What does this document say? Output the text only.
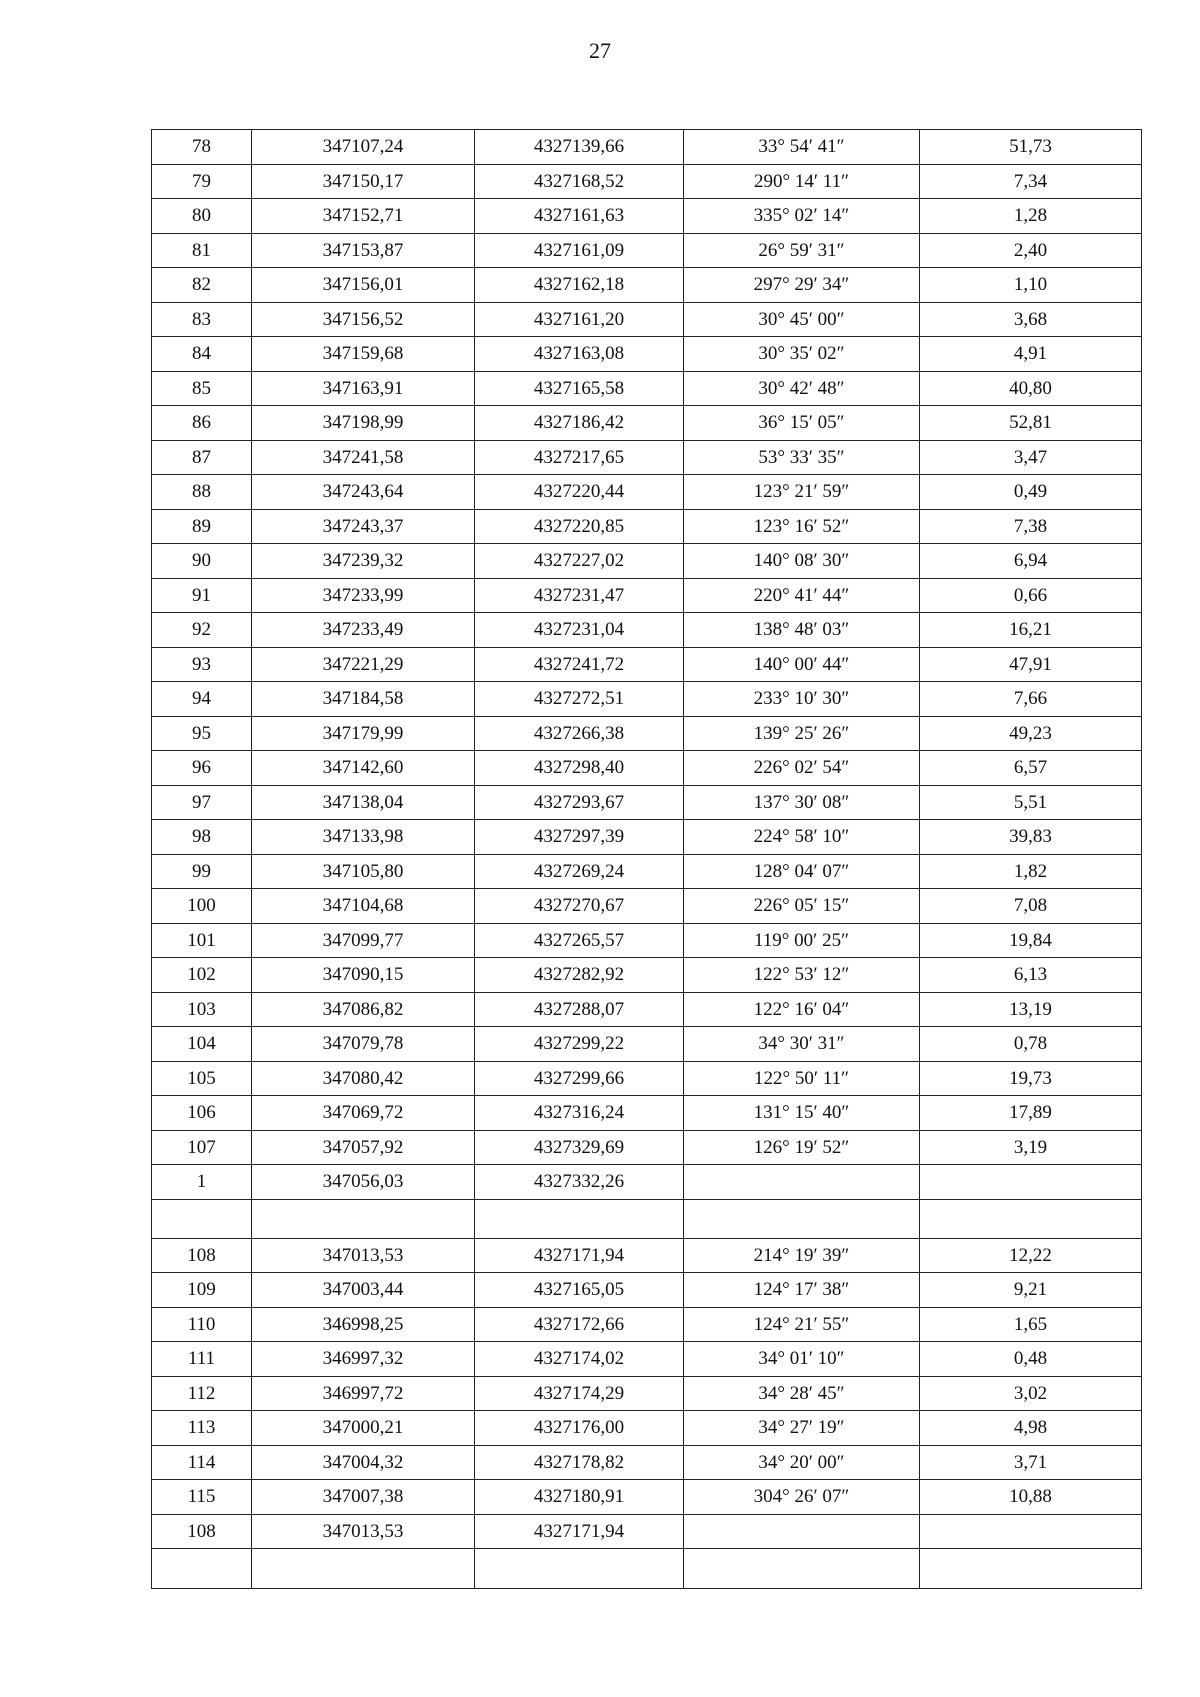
27
78	347107,24	4327139,66	33° 54′ 41″	51,73
79	347150,17	4327168,52	290° 14′ 11″	7,34
80	347152,71	4327161,63	335° 02′ 14″	1,28
81	347153,87	4327161,09	26° 59′ 31″	2,40
82	347156,01	4327162,18	297° 29′ 34″	1,10
83	347156,52	4327161,20	30° 45′ 00″	3,68
84	347159,68	4327163,08	30° 35′ 02″	4,91
85	347163,91	4327165,58	30° 42′ 48″	40,80
86	347198,99	4327186,42	36° 15′ 05″	52,81
87	347241,58	4327217,65	53° 33′ 35″	3,47
88	347243,64	4327220,44	123° 21′ 59″	0,49
89	347243,37	4327220,85	123° 16′ 52″	7,38
90	347239,32	4327227,02	140° 08′ 30″	6,94
91	347233,99	4327231,47	220° 41′ 44″	0,66
92	347233,49	4327231,04	138° 48′ 03″	16,21
93	347221,29	4327241,72	140° 00′ 44″	47,91
94	347184,58	4327272,51	233° 10′ 30″	7,66
95	347179,99	4327266,38	139° 25′ 26″	49,23
96	347142,60	4327298,40	226° 02′ 54″	6,57
97	347138,04	4327293,67	137° 30′ 08″	5,51
98	347133,98	4327297,39	224° 58′ 10″	39,83
99	347105,80	4327269,24	128° 04′ 07″	1,82
100	347104,68	4327270,67	226° 05′ 15″	7,08
101	347099,77	4327265,57	119° 00′ 25″	19,84
102	347090,15	4327282,92	122° 53′ 12″	6,13
103	347086,82	4327288,07	122° 16′ 04″	13,19
104	347079,78	4327299,22	34° 30′ 31″	0,78
105	347080,42	4327299,66	122° 50′ 11″	19,73
106	347069,72	4327316,24	131° 15′ 40″	17,89
107	347057,92	4327329,69	126° 19′ 52″	3,19
1	347056,03	4327332,26		

108	347013,53	4327171,94	214° 19′ 39″	12,22
109	347003,44	4327165,05	124° 17′ 38″	9,21
110	346998,25	4327172,66	124° 21′ 55″	1,65
111	346997,32	4327174,02	34° 01′ 10″	0,48
112	346997,72	4327174,29	34° 28′ 45″	3,02
113	347000,21	4327176,00	34° 27′ 19″	4,98
114	347004,32	4327178,82	34° 20′ 00″	3,71
115	347007,38	4327180,91	304° 26′ 07″	10,88
108	347013,53	4327171,94		
